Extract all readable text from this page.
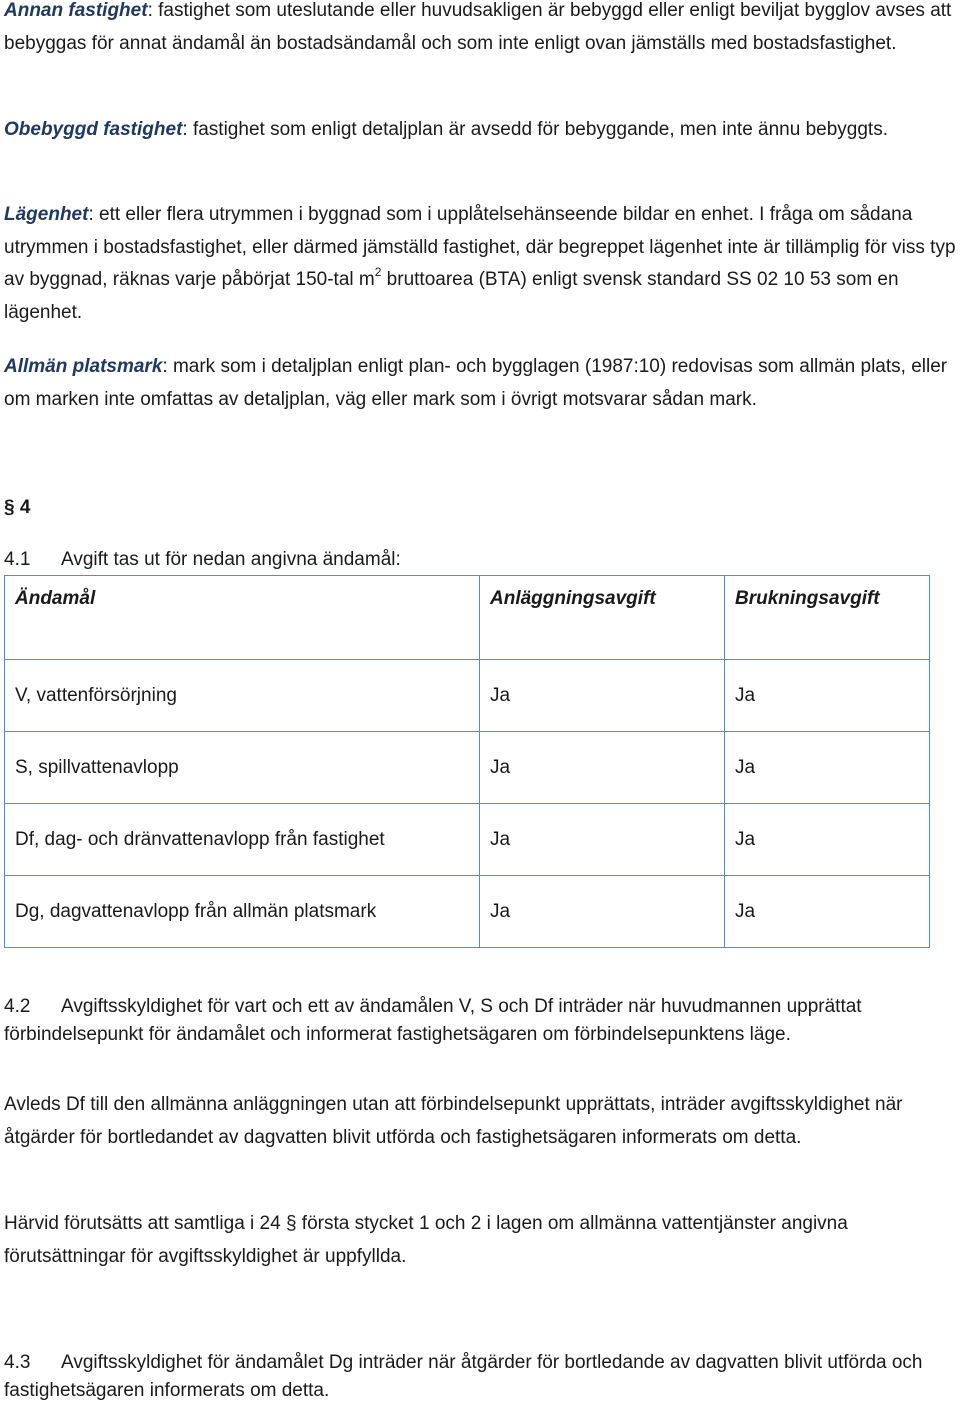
Annan fastighet: fastighet som uteslutande eller huvudsakligen är bebyggd eller enligt beviljat bygglov avses att bebyggas för annat ändamål än bostadsändamål och som inte enligt ovan jämställs med bostadsfastighet.

Obebyggd fastighet: fastighet som enligt detaljplan är avsedd för bebyggande, men inte ännu bebyggts.

Lägenhet: ett eller flera utrymmen i byggnad som i upplåtelsehänseende bildar en enhet. I fråga om sådana utrymmen i bostadsfastighet, eller därmed jämställd fastighet, där begreppet lägenhet inte är tillämplig för viss typ av byggnad, räknas varje påbörjat 150-tal $m^2$ bruttoarea (BTA) enligt svensk standard SS 02 10 53 som en lägenhet.

Allmän platsmark: mark som i detaljplan enligt plan- och bygglagen (1987:10) redovisas som allmän plats, eller om marken inte omfattas av detaljplan, väg eller mark som i övrigt motsvarar sådan mark.

§ 4

4.1 Avgift tas ut för nedan angivna ändamål:

Ändamål	Anläggningsavgift	Brukningsavgift
V, vattenförsörjning	Ja	Ja
S, spillvattenavlopp	Ja	Ja
Df, dag- och dränvattenavlopp från fastighet	Ja	Ja
Dg, dagvattenavlopp från allmän platsmark	Ja	Ja

4.2 Avgiftsskyldighet för vart och ett av ändamålen V, S och Df inträder när huvudmannen upprättat förbindelsepunkt för ändamålet och informerat fastighetsägaren om förbindelsepunktens läge.

Avleds Df till den allmänna anläggningen utan att förbindelsepunkt upprättats, inträder avgiftsskyldighet när åtgärder för bortledandet av dagvatten blivit utförda och fastighetsägaren informerats om detta.

Härvid förutsätts att samtliga i 24 § första stycket 1 och 2 i lagen om allmänna vattentjänster angivna förutsättningar för avgiftsskyldighet är uppfyllda.

4.3 Avgiftsskyldighet för ändamålet Dg inträder när åtgärder för bortledande av dagvatten blivit utförda och fastighetsägaren informerats om detta.
